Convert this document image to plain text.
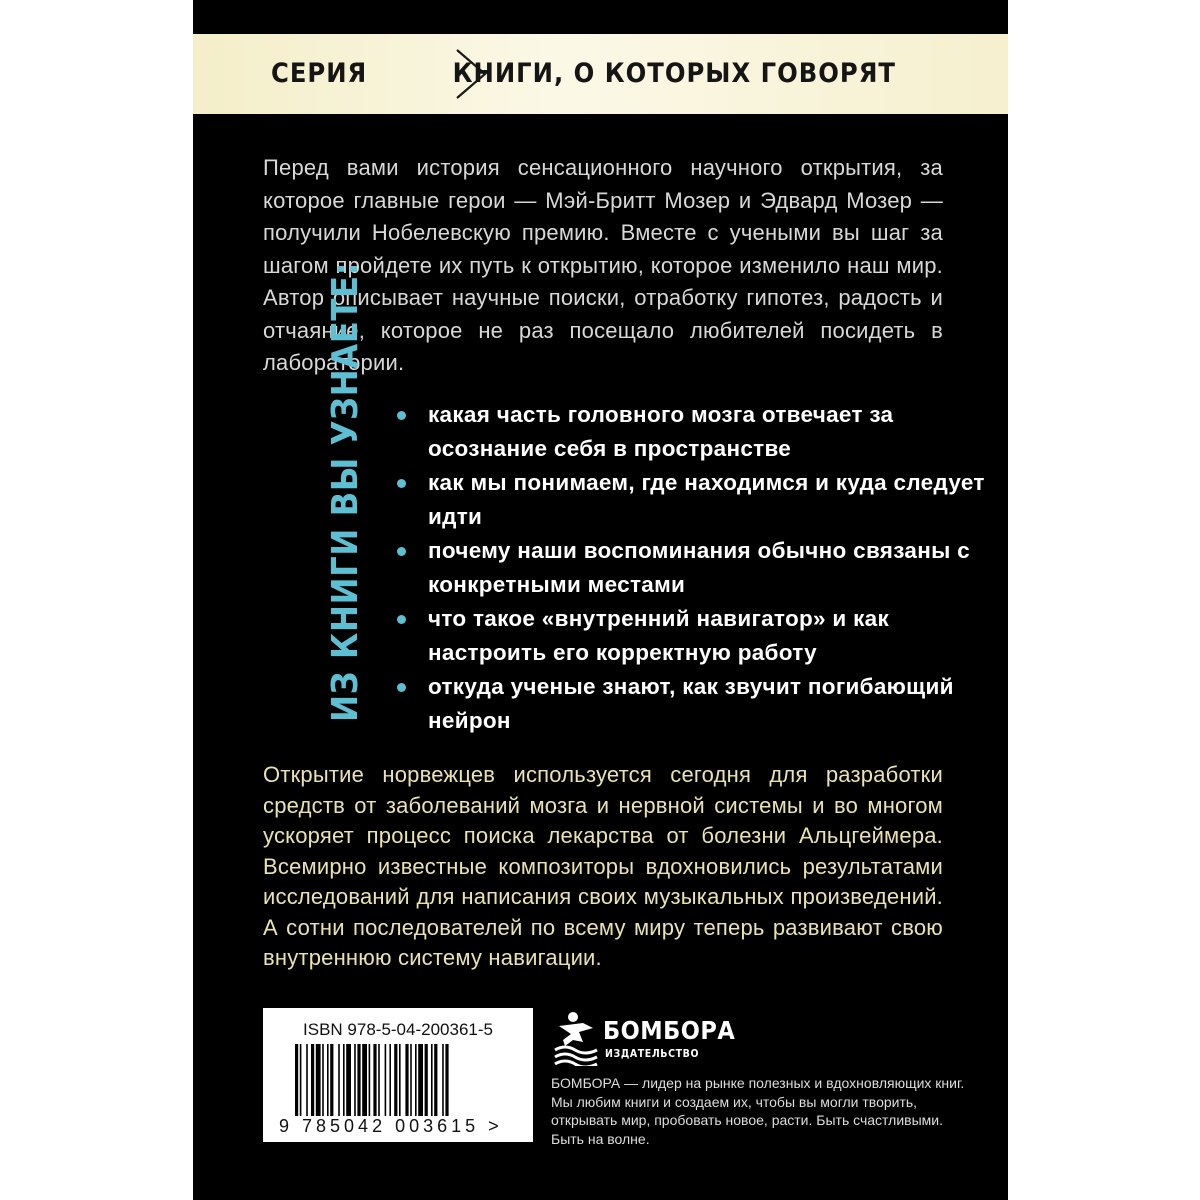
СЕРИЯ	КНИГИ, О КОТОРЫХ ГОВОРЯТ

Перед вами история сенсационного научного открытия, за которое главные герои — Мэй-Бритт Мозер и Эдвард Мозер — получили Нобелевскую премию. Вместе с учеными вы шаг за шагом пройдете их путь к открытию, которое изменило наш мир. Автор описывает научные поиски, отработку гипотез, радость и отчаяние, которое не раз посещало любителей посидеть в лаборатории.

ИЗ КНИГИ ВЫ УЗНАЕТЕ:	какая часть головного мозга отвечает за осознание себя в пространстве
как мы понимаем, где находимся и куда следует идти
почему наши воспоминания обычно связаны с конкретными местами
что такое «внутренний навигатор» и как настроить его корректную работу
откуда ученые знают, как звучит погибающий нейрон

Открытие норвежцев используется сегодня для разработки средств от заболеваний мозга и нервной системы и во многом ускоряет процесс поиска лекарства от болезни Альцгеймера. Всемирно известные композиторы вдохновились результатами исследований для написания своих музыкальных произведений. А сотни последователей по всему миру теперь развивают свою внутреннюю систему навигации.

ISBN 978-5-04-200361-5
9 785042 003615 >
БОМБОРА
ИЗДАТЕЛЬСТВО

БОМБОРА — лидер на рынке полезных и вдохновляющих книг. Мы любим книги и создаем их, чтобы вы могли творить, открывать мир, пробовать новое, расти. Быть счастливыми. Быть на волне.
